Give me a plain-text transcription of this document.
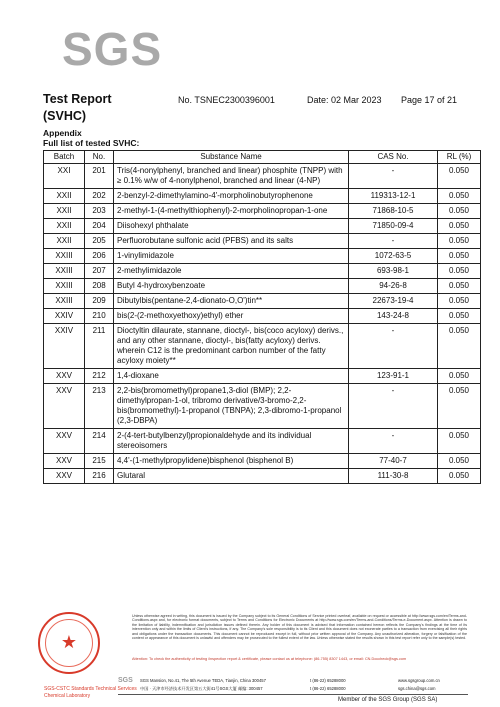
SGS
Test Report
(SVHC)
No. TSNEC2300396001	Date: 02 Mar 2023 Page 17 of 21
Appendix
Full list of tested SVHC:
Batch	No.	Substance Name	CAS No.	RL (%)
XXI	201	Tris(4-nonylphenyl, branched and linear) phosphite (TNPP) with ≥ 0.1% w/w of 4-nonylphenol, branched and linear (4-NP)	-	0.050
XXII	202	2-benzyl-2-dimethylamino-4'-morpholinobutyrophenone	119313-12-1	0.050
XXII	203	2-methyl-1-(4-methylthiophenyl)-2-morpholinopropan-1-one	71868-10-5	0.050
XXII	204	Diisohexyl phthalate	71850-09-4	0.050
XXII	205	Perfluorobutane sulfonic acid (PFBS) and its salts	-	0.050
XXIII	206	1-vinylimidazole	1072-63-5	0.050
XXIII	207	2-methylimidazole	693-98-1	0.050
XXIII	208	Butyl 4-hydroxybenzoate	94-26-8	0.050
XXIII	209	Dibutylbis(pentane-2,4-dionato-O,O')tin**	22673-19-4	0.050
XXIV	210	bis(2-(2-methoxyethoxy)ethyl) ether	143-24-8	0.050
XXIV	211	Dioctyltin dilaurate, stannane, dioctyl-, bis(coco acyloxy) derivs., and any other stannane, dioctyl-, bis(fatty acyloxy) derivs. wherein C12 is the predominant carbon number of the fatty acyloxy moiety**	-	0.050
XXV	212	1,4-dioxane	123-91-1	0.050
XXV	213	2,2-bis(bromomethyl)propane1,3-diol (BMP); 2,2-dimethylpropan-1-ol, tribromo derivative/3-bromo-2,2-bis(bromomethyl)-1-propanol (TBNPA); 2,3-dibromo-1-propanol (2,3-DBPA)	-	0.050
XXV	214	2-(4-tert-butylbenzyl)propionaldehyde and its individual stereoisomers	-	0.050
XXV	215	4,4'-(1-methylpropylidene)bisphenol (bisphenol B)	77-40-7	0.050
XXV	216	Glutaral	111-30-8	0.050
★
SGS-CSTC Standards Technical Services
Chemical Laboratory
Unless otherwise agreed in writing, this document is issued by the Company subject to its General Conditions of Service printed overleaf, available on request or accessible at http://www.sgs.com/en/Terms-and-Conditions.aspx and, for electronic format documents, subject to Terms and Conditions for Electronic Documents at http://www.sgs.com/en/Terms-and-Conditions/Terms-e-Document.aspx. Attention is drawn to the limitation of liability, indemnification and jurisdiction issues defined therein. Any holder of this document is advised that information contained hereon reflects the Company's findings at the time of its intervention only and within the limits of Client's instructions, if any. The Company's sole responsibility is to its Client and this document does not exonerate parties to a transaction from exercising all their rights and obligations under the transaction documents. This document cannot be reproduced except in full, without prior written approval of the Company. Any unauthorized alteration, forgery or falsification of the content or appearance of this document is unlawful and offenders may be prosecuted to the fullest extent of the law. Unless otherwise stated the results shown in this test report refer only to the sample(s) tested.
Attention: To check the authenticity of testing /inspection report & certificate, please contact us at telephone: (86-755) 8307 1443, or email: CN.Doccheck@sgs.com
SGS SGS Mansion, No.41, The 5th Avenue TEDA, Tianjin, China 300457	t (86-22) 65288000	www.sgsgroup.com.cn
中国 · 天津市经济技术开发区第五大街41号SGS大厦 邮编: 300457	t (86-22) 65288000	sgs.china@sgs.com
Member of the SGS Group (SGS SA)
